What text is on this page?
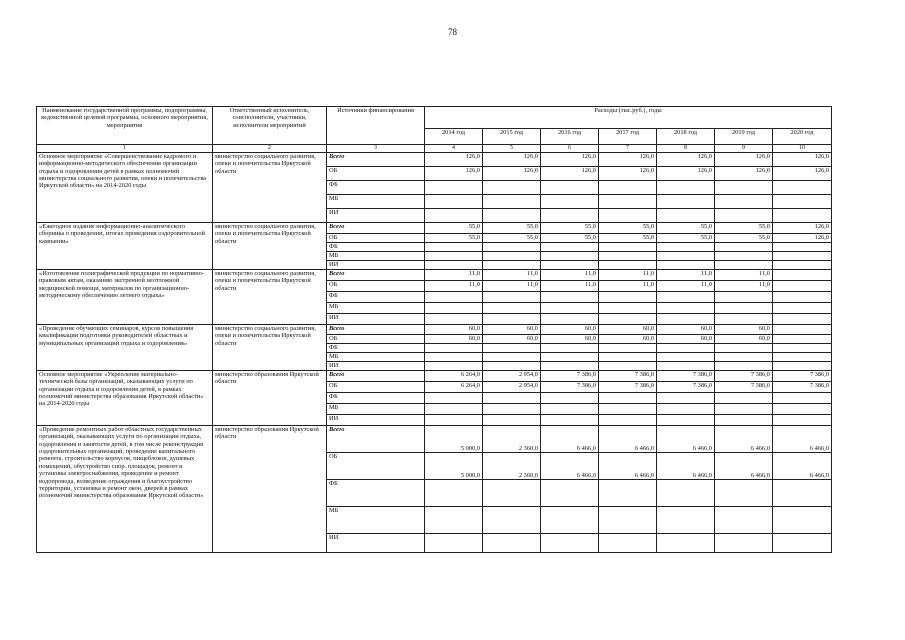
78
Наименование государственной программы, подпрограммы, ведомственной целевой программы, основного мероприятия, мероприятия	Ответственный исполнитель, соисполнители, участники, исполнители мероприятий	Источники финансирования	Расходы (тыс.руб.), годы						
			2014 год	2015 год	2016 год	2017 год	2018 год	2019 год	2020 год
1	2	3	4	5	6	7	8	9	10
Основное мероприятие «Совершенствование кадрового и информационно-методического обеспечения организации отдыха и оздоровления детей в рамках полномочий министерства социального развития, опеки и попечительства Иркутской области» на 2014-2020 годы	министерство социального развития, опеки и попечительства Иркутской области	Всего	126,0	126,0	126,0	126,0	126,0	126,0	126,0
		ОБ	126,0	126,0	126,0	126,0	126,0	126,0	126,0
		ФБ							
		МБ							
		ИИ							
«Ежегодное издание информационно-аналитического сборника о проведении, итогах проведения оздоровительной кампании»	министерство социального развития, опеки и попечительства Иркутской области	Всего	55,0	55,0	55,0	55,0	55,0	55,0	126,0
		ОБ	55,0	55,0	55,0	55,0	55,0	55,0	126,0
		ФБ							
		МБ							
		ИИ							
«Изготовление полиграфической продукции по нормативно-правовым актам, оказанию экстренной неотложной медицинской помощи, материалов по организационно-методическому обеспечению летнего отдыха»	министерство социального развития, опеки и попечительства Иркутской области	Всего	11,0	11,0	11,0	11,0	11,0	11,0	
		ОБ	11,0	11,0	11,0	11,0	11,0	11,0	
		ФБ							
		МБ							
		ИИ							
«Проведение обучающих семинаров, курсов повышения квалификации подготовки руководителей областных и муниципальных организаций отдыха и оздоровления»	министерство социального развития, опеки и попечительства Иркутской области	Всего	60,0	60,0	60,0	60,0	60,0	60,0	
		ОБ	60,0	60,0	60,0	60,0	60,0	60,0	
		ФБ							
		МБ							
		ИИ							
Основное мероприятие «Укрепление материально-технической базы организаций, оказывающих услуги по организации отдыха и оздоровления детей, в рамках полномочий министерства образования Иркутской области» на 2014-2020 годы	министерство образования Иркутской области	Всего	6 264,0	2 954,0	7 386,0	7 386,0	7 386,0	7 386,0	7 386,0
		ОБ	6 264,0	2 954,0	7 386,0	7 386,0	7 386,0	7 386,0	7 386,0
		ФБ							
		МБ							
		ИИ							
«Проведение ремонтных работ областных государственных организаций, оказывающих услуги по организации отдыха, оздоровления и занятости детей, в том числе реконструкция оздоровительных организаций, проведение капитального ремонта, строительство корпусов, пищеблоков, душевых помещений, обустройство спор. площадок, ремонт и установка электроснабжения, проведение и ремонт водопровода, возведение ограждения и благоустройство территории, установка и ремонт окон, дверей в рамках полномочий министерства образования Иркутской области»	министерство образования Иркутской области	Всего	5 000,0	2 360,0	6 466,0	6 466,0	6 466,0	6 466,0	6 466,0
		ОБ	5 000,0	2 360,0	6 466,0	6 466,0	6 466,0	6 466,0	6 466,0
		ФБ							
		МБ							
		ИИ							
